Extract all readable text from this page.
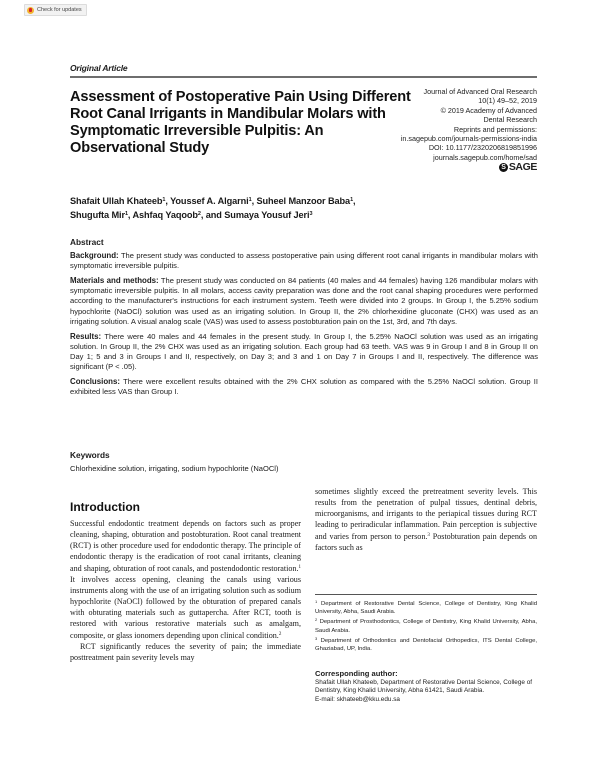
Check for updates
Original Article
Assessment of Postoperative Pain Using Different Root Canal Irrigants in Mandibular Molars with Symptomatic Irreversible Pulpitis: An Observational Study
Journal of Advanced Oral Research
10(1) 49–52, 2019
© 2019 Academy of Advanced
Dental Research
Reprints and permissions:
in.sagepub.com/journals-permissions-india
DOI: 10.1177/2320206819851996
journals.sagepub.com/home/sad
S SAGE
Shafait Ullah Khateeb$^1$, Youssef A. Algarni$^1$, Suheel Manzoor Baba$^1$,
Shugufta Mir$^1$, Ashfaq Yaqoob$^2$, and Sumaya Yousuf Jeri$^3$
Abstract

Background: The present study was conducted to assess postoperative pain using different root canal irrigants in mandibular molars with symptomatic irreversible pulpitis.

Materials and methods: The present study was conducted on 84 patients (40 males and 44 females) having 126 mandibular molars with symptomatic irreversible pulpitis. In all molars, access cavity preparation was done and the root canal shaping procedures were performed according to the manufacturer's instructions for each instrument system. Teeth were divided into 2 groups. In Group I, the 5.25% sodium hypochlorite (NaOCl) solution was used as an irrigating solution. In Group II, the 2% chlorhexidine gluconate (CHX) was used as an irrigating solution. A visual analog scale (VAS) was used to assess postobturation pain on the 1st, 3rd, and 7th days.

Results: There were 40 males and 44 females in the present study. In Group I, the 5.25% NaOCl solution was used as an irrigating solution. In Group II, the 2% CHX was used as an irrigating solution. Each group had 63 teeth. VAS was 9 in Group I and 8 in Group II on Day 1; 5 and 3 in Groups I and II, respectively, on Day 3; and 3 and 1 on Day 7 in Groups I and II, respectively. The difference was significant (P < .05).

Conclusions: There were excellent results obtained with the 2% CHX solution as compared with the 5.25% NaOCl solution. Group II exhibited less VAS than Group I.

Keywords

Chlorhexidine solution, irrigating, sodium hypochlorite (NaOCl)

Introduction

Successful endodontic treatment depends on factors such as proper cleaning, shaping, obturation and postobturation. Root canal treatment (RCT) is other procedure used for endodontic therapy. The principle of endodontic therapy is the eradication of root canal irritants, cleaning and shaping, obturation of root canals, and postendodontic restoration.$^1$ It involves access opening, cleaning the canals using various instruments along with the use of an irrigating solution such as sodium hypochlorite (NaOCl) followed by the obturation of prepared canals with obturating materials such as guttapercha. After RCT, tooth is restored with various restorative materials such as amalgam, composite, or glass ionomers depending upon clinical condition.$^2$

RCT significantly reduces the severity of pain; the immediate posttreatment pain severity levels may

sometimes slightly exceed the pretreatment severity levels. This results from the penetration of pulpal tissues, dentinal debris, microorganisms, and irrigants to the periapical tissues during RCT leading to periradicular inflammation. Pain perception is subjective and varies from person to person.$^3$ Postobturation pain depends on factors such as

$^1$ Department of Restorative Dental Science, College of Dentistry, King Khalid University, Abha, Saudi Arabia.

$^2$ Department of Prosthodontics, College of Dentistry, King Khalid University, Abha, Saudi Arabia.

$^3$ Department of Orthodontics and Dentofacial Orthopedics, ITS Dental College, Ghaziabad, UP, India.

Corresponding author:

Shafait Ullah Khateeb, Department of Restorative Dental Science, College of Dentistry, King Khalid University, Abha 61421, Saudi Arabia.

E-mail: skhateeb@kku.edu.sa
